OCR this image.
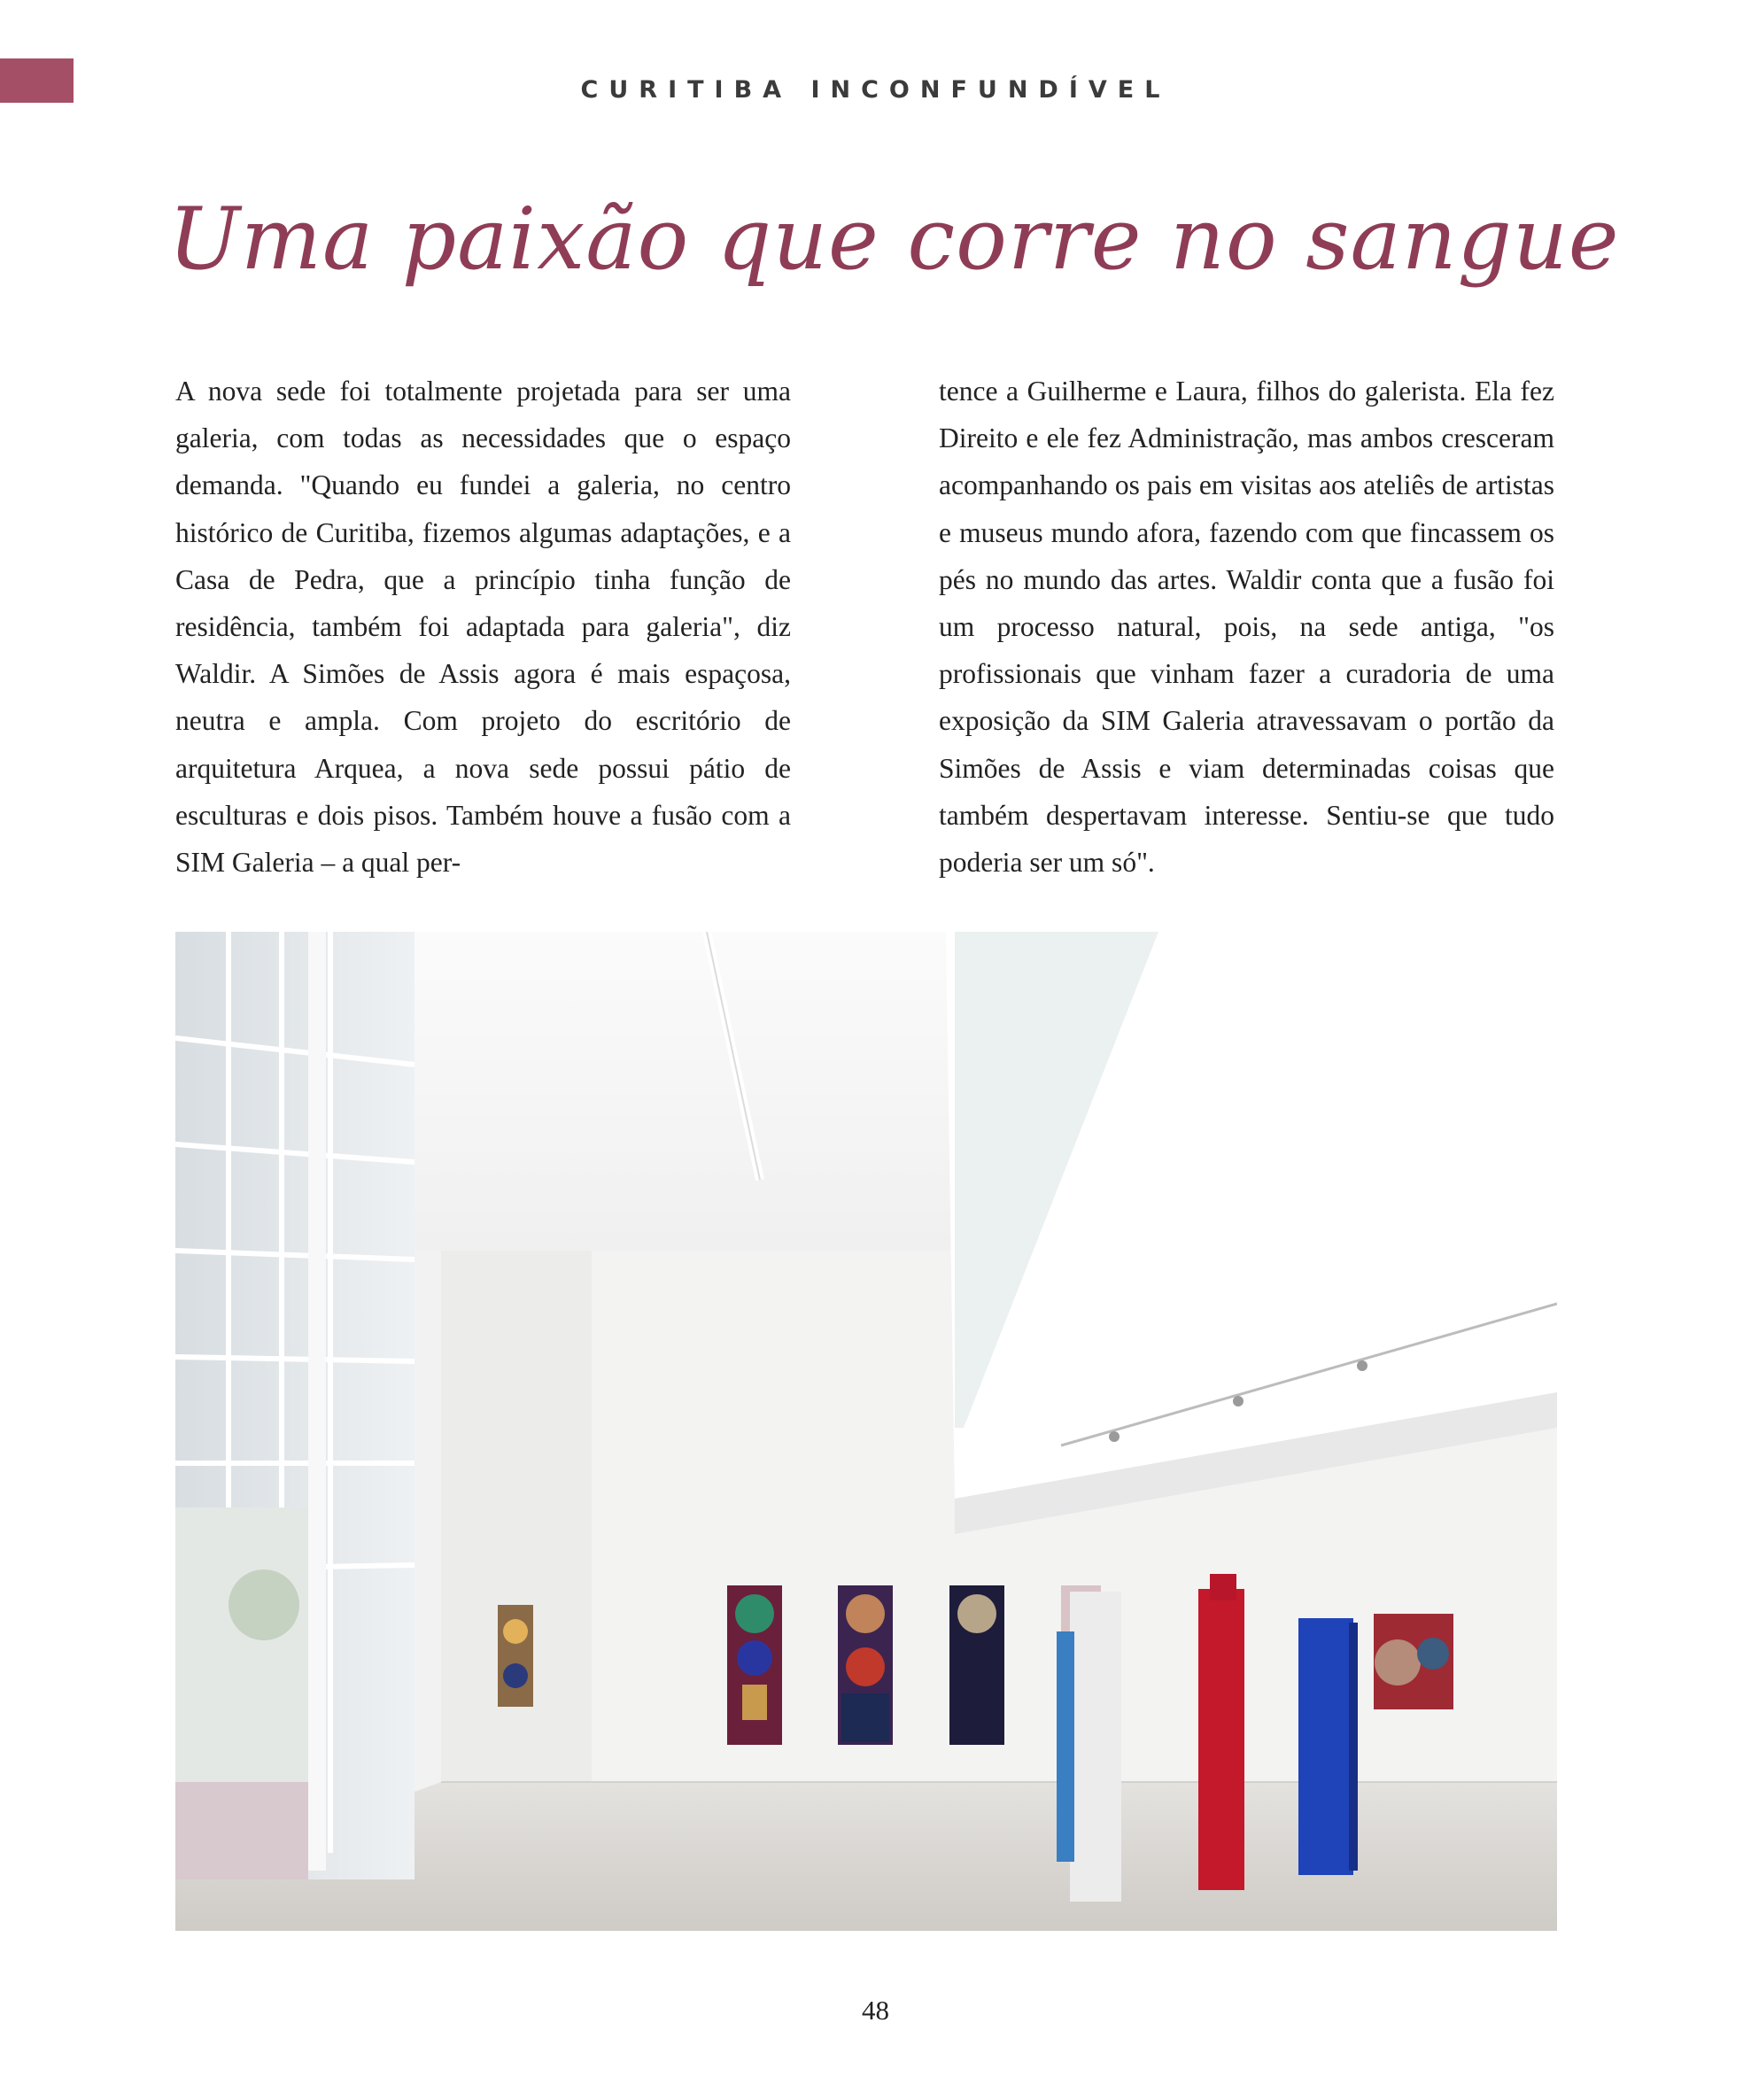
CURITIBA INCONFUNDÍVEL
Uma paixão que corre no sangue

A nova sede foi totalmente projetada para ser uma galeria, com todas as necessidades que o espaço demanda. "Quando eu fundei a galeria, no centro histórico de Curitiba, fizemos algumas adaptações, e a Casa de Pedra, que a princípio tinha função de residência, também foi adaptada para galeria", diz Waldir. A Simões de Assis agora é mais espaçosa, neutra e ampla. Com projeto do escritório de arquitetura Arquea, a nova sede possui pátio de esculturas e dois pisos. Também houve a fusão com a SIM Galeria – a qual per-

tence a Guilherme e Laura, filhos do galerista. Ela fez Direito e ele fez Administração, mas ambos cresceram acompanhando os pais em visitas aos ateliês de artistas e museus mundo afora, fazendo com que fincassem os pés no mundo das artes. Waldir conta que a fusão foi um processo natural, pois, na sede antiga, "os profissionais que vinham fazer a curadoria de uma exposição da SIM Galeria atravessavam o portão da Simões de Assis e viam determinadas coisas que também despertavam interesse. Sentiu-se que tudo poderia ser um só".

48
